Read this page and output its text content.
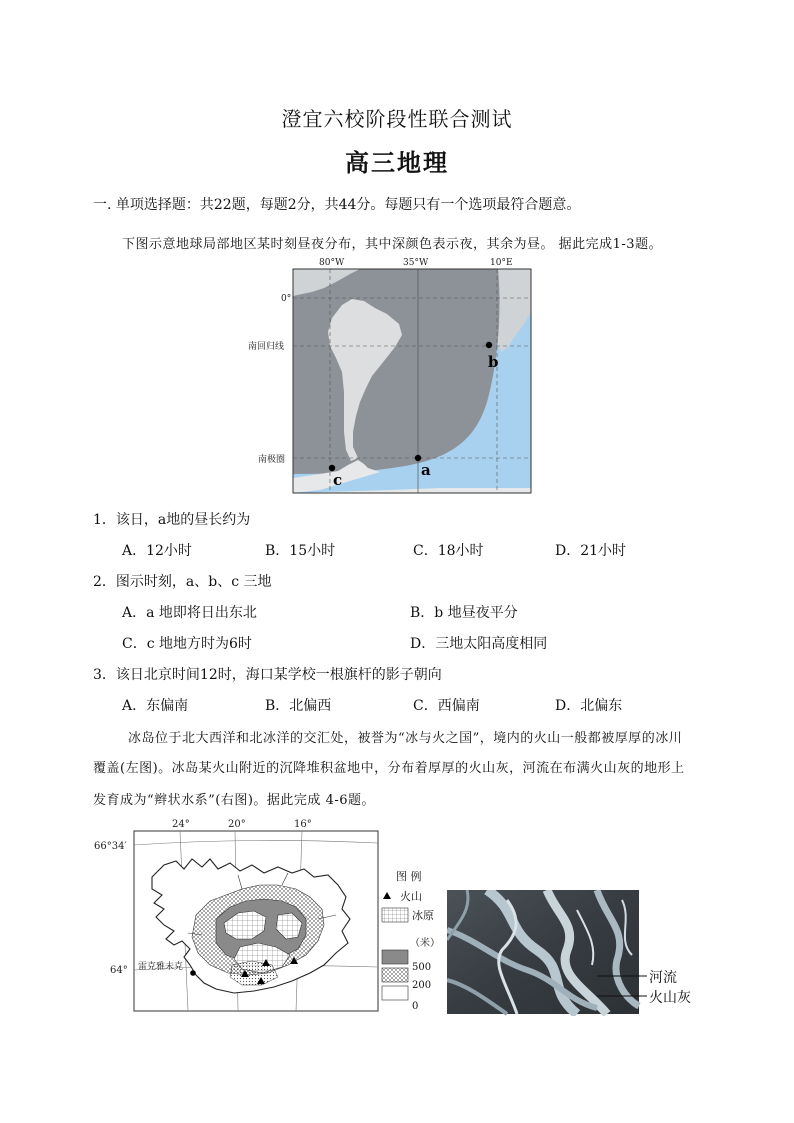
澄宜六校阶段性联合测试
高三地理
一. 单项选择题：共22题，每题2分，共44分。每题只有一个选项最符合题意。
下图示意地球局部地区某时刻昼夜分布，其中深颜色表示夜，其余为昼。 据此完成1-3题。
80°W	35°W	10°E
0°
南回归线
南极圈
b
a
c
1．该日，a地的昼长约为
A．12小时	B．15小时	C．18小时	D．21小时
2．图示时刻，a、b、c 三地
A．a 地即将日出东北	B．b 地昼夜平分
C．c 地地方时为6时	D．三地太阳高度相同
3．该日北京时间12时，海口某学校一根旗杆的影子朝向
A．东偏南	B．北偏西	C．西偏南	D．北偏东
冰岛位于北大西洋和北冰洋的交汇处，被誉为“冰与火之国”，境内的火山一般都被厚厚的冰川
覆盖(左图)。冰岛某火山附近的沉降堆积盆地中，分布着厚厚的火山灰，河流在布满火山灰的地形上
发育成为“辫状水系”(右图)。据此完成 4-6题。
24°	20°	16°
66°34′
64° 雷克雅未克
图 例
火山
冰原
（米）
500
200
0
河流
火山灰
